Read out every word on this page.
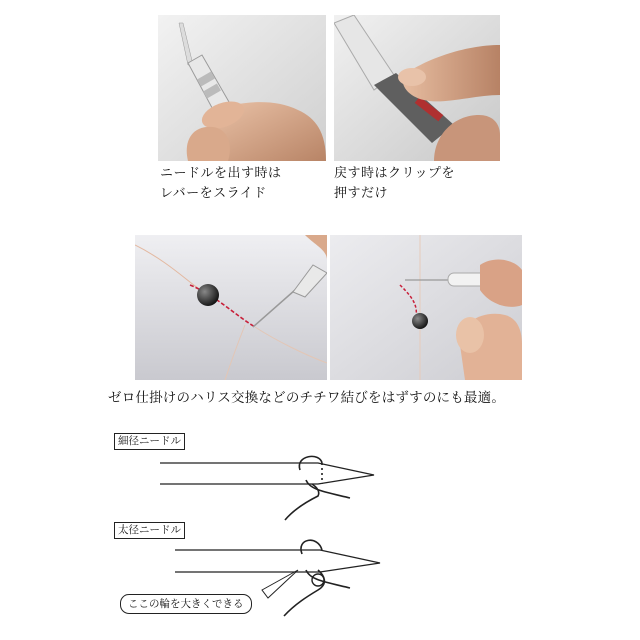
ニードルを出す時は
レバーをスライド
戻す時はクリップを
押すだけ
ゼロ仕掛けのハリス交換などのチチワ結びをはずすのにも最適。
細径ニードル
太径ニードル
ここの輪を大きくできる
